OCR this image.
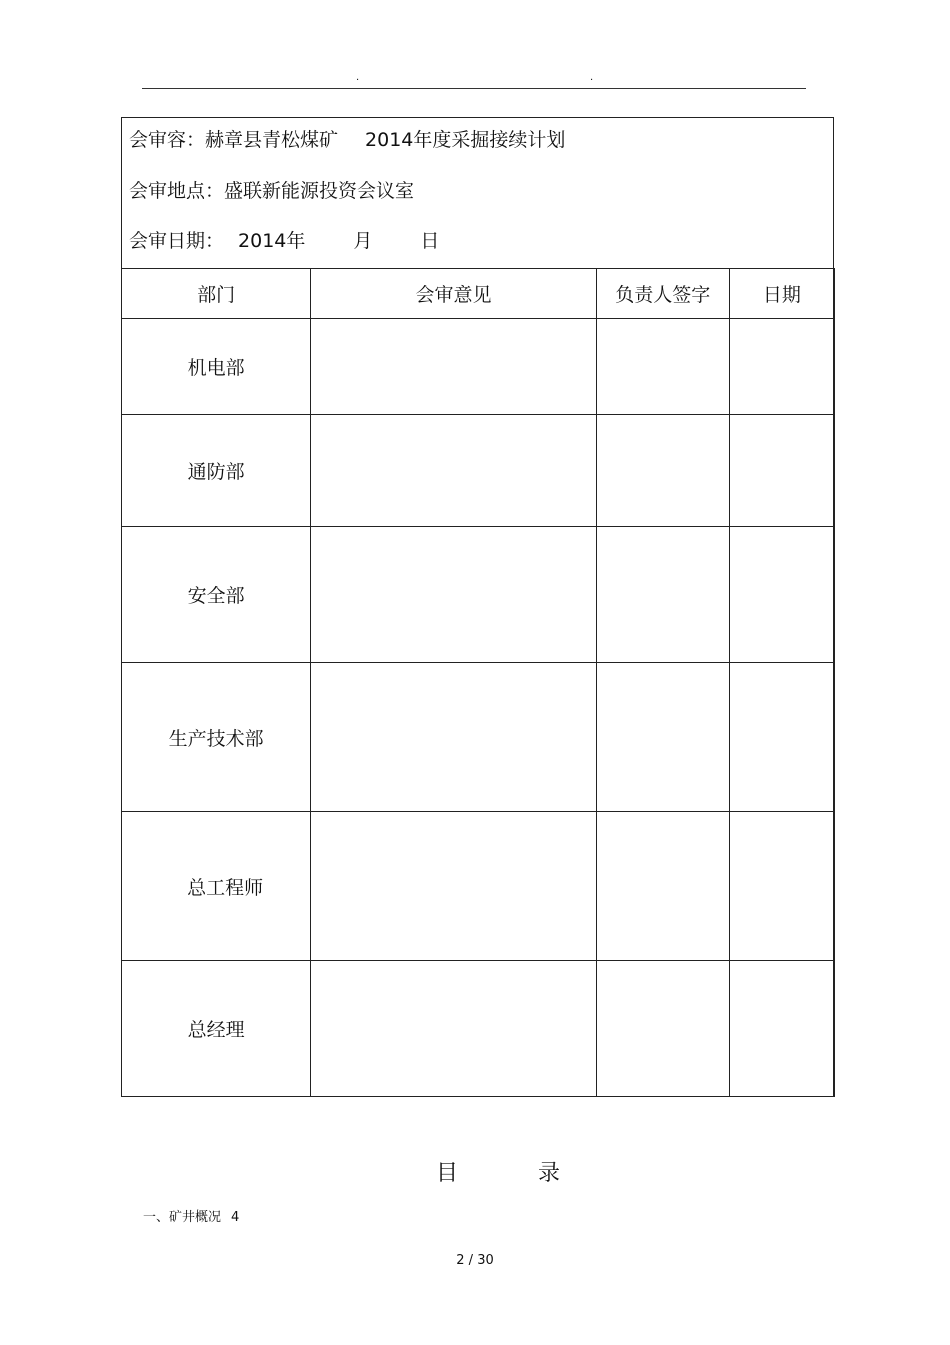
.	.
会审容：赫章县青松煤矿 2014年度采掘接续计划
会审地点：盛联新能源投资会议室
会审日期： 2014年	月	日
部门	会审意见	负责人签字	日期
机电部			
通防部			
安全部			
生产技术部			
总工程师			
总经理			
目	录
一、矿井概况 4
2 / 30
